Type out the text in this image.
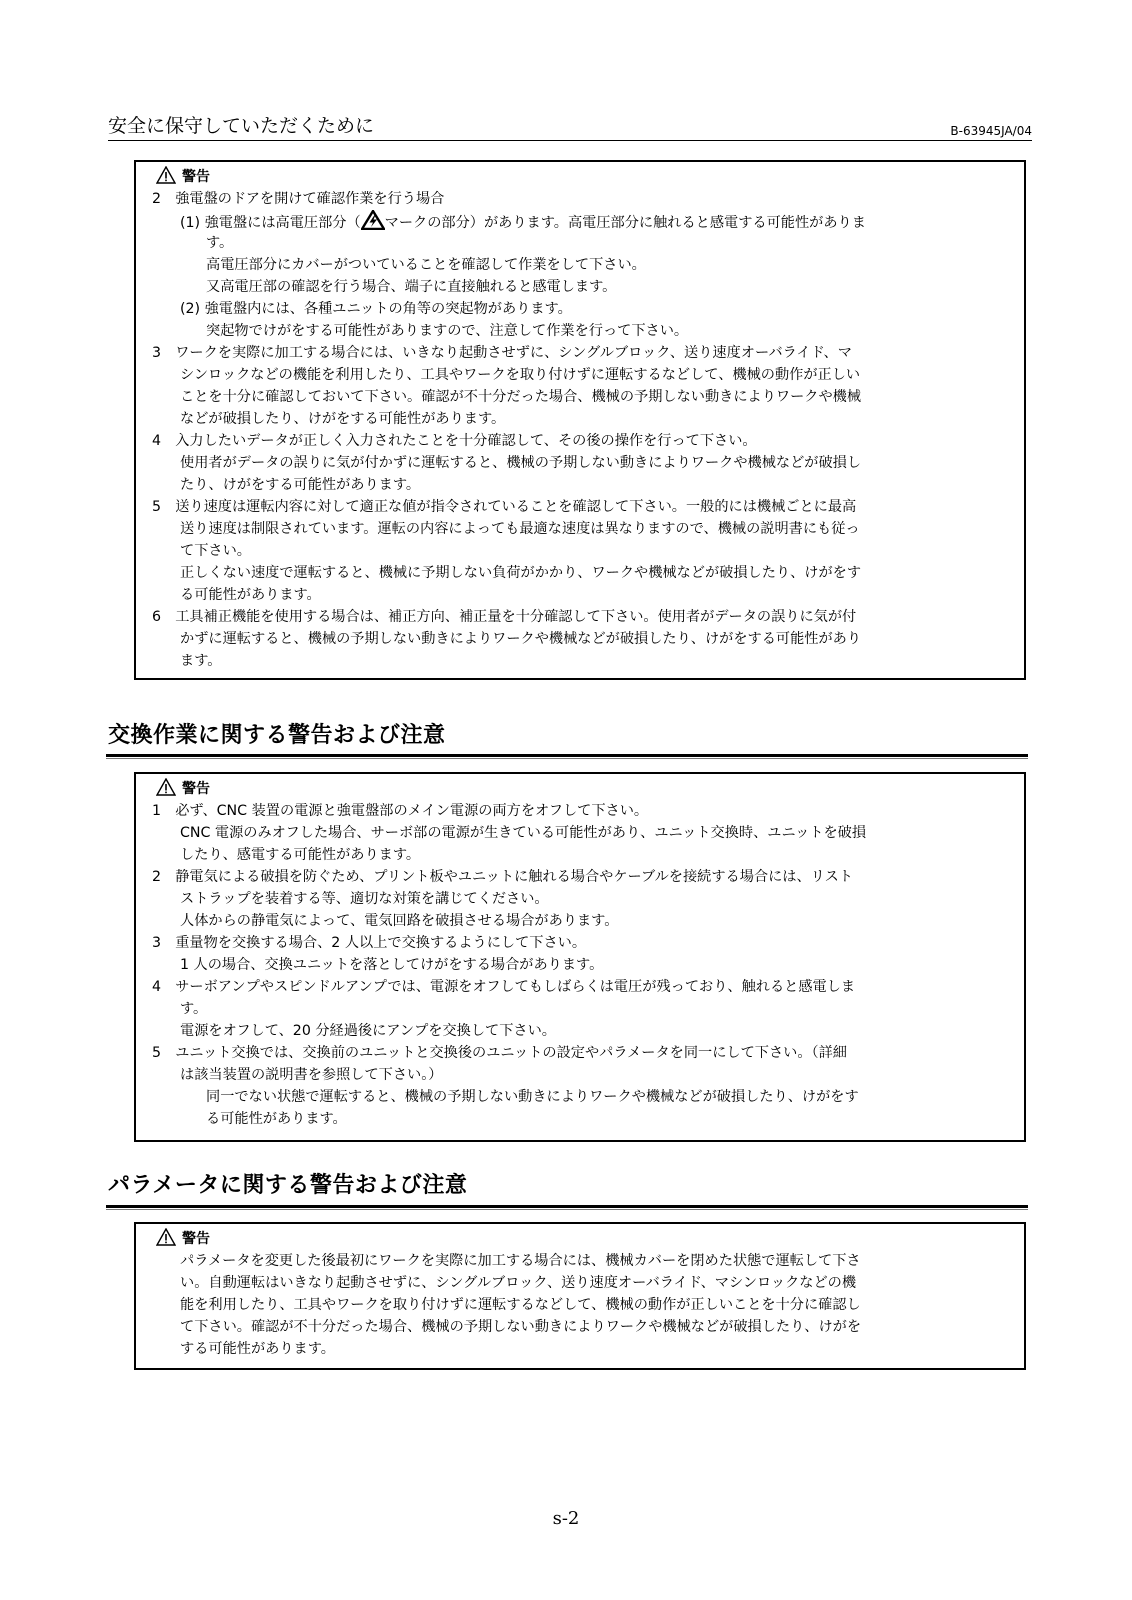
安全に保守していただくために	B-63945JA/04
警告
2　強電盤のドアを開けて確認作業を行う場合
(1) 強電盤には高電圧部分（ マークの部分）があります。高電圧部分に触れると感電する可能性がありま
す。
高電圧部分にカバーがついていることを確認して作業をして下さい。
又高電圧部の確認を行う場合、端子に直接触れると感電します。
(2) 強電盤内には、各種ユニットの角等の突起物があります。
突起物でけがをする可能性がありますので、注意して作業を行って下さい。
3　ワークを実際に加工する場合には、いきなり起動させずに、シングルブロック、送り速度オーバライド、マ
シンロックなどの機能を利用したり、工具やワークを取り付けずに運転するなどして、機械の動作が正しい
ことを十分に確認しておいて下さい。確認が不十分だった場合、機械の予期しない動きによりワークや機械
などが破損したり、けがをする可能性があります。
4　入力したいデータが正しく入力されたことを十分確認して、その後の操作を行って下さい。
使用者がデータの誤りに気が付かずに運転すると、機械の予期しない動きによりワークや機械などが破損し
たり、けがをする可能性があります。
5　送り速度は運転内容に対して適正な値が指令されていることを確認して下さい。一般的には機械ごとに最高
送り速度は制限されています。運転の内容によっても最適な速度は異なりますので、機械の説明書にも従っ
て下さい。
正しくない速度で運転すると、機械に予期しない負荷がかかり、ワークや機械などが破損したり、けがをす
る可能性があります。
6　工具補正機能を使用する場合は、補正方向、補正量を十分確認して下さい。使用者がデータの誤りに気が付
かずに運転すると、機械の予期しない動きによりワークや機械などが破損したり、けがをする可能性があり
ます。
交換作業に関する警告および注意
警告
1　必ず、CNC 装置の電源と強電盤部のメイン電源の両方をオフして下さい。
CNC 電源のみオフした場合、サーボ部の電源が生きている可能性があり、ユニット交換時、ユニットを破損
したり、感電する可能性があります。
2　静電気による破損を防ぐため、プリント板やユニットに触れる場合やケーブルを接続する場合には、リスト
ストラップを装着する等、適切な対策を講じてください。
人体からの静電気によって、電気回路を破損させる場合があります。
3　重量物を交換する場合、2 人以上で交換するようにして下さい。
1 人の場合、交換ユニットを落としてけがをする場合があります。
4　サーボアンプやスピンドルアンプでは、電源をオフしてもしばらくは電圧が残っており、触れると感電しま
す。
電源をオフして、20 分経過後にアンプを交換して下さい。
5　ユニット交換では、交換前のユニットと交換後のユニットの設定やパラメータを同一にして下さい。（詳細
は該当装置の説明書を参照して下さい。）
同一でない状態で運転すると、機械の予期しない動きによりワークや機械などが破損したり、けがをす
る可能性があります。
パラメータに関する警告および注意
警告
パラメータを変更した後最初にワークを実際に加工する場合には、機械カバーを閉めた状態で運転して下さ
い。自動運転はいきなり起動させずに、シングルブロック、送り速度オーバライド、マシンロックなどの機
能を利用したり、工具やワークを取り付けずに運転するなどして、機械の動作が正しいことを十分に確認し
て下さい。確認が不十分だった場合、機械の予期しない動きによりワークや機械などが破損したり、けがを
する可能性があります。
s-2
